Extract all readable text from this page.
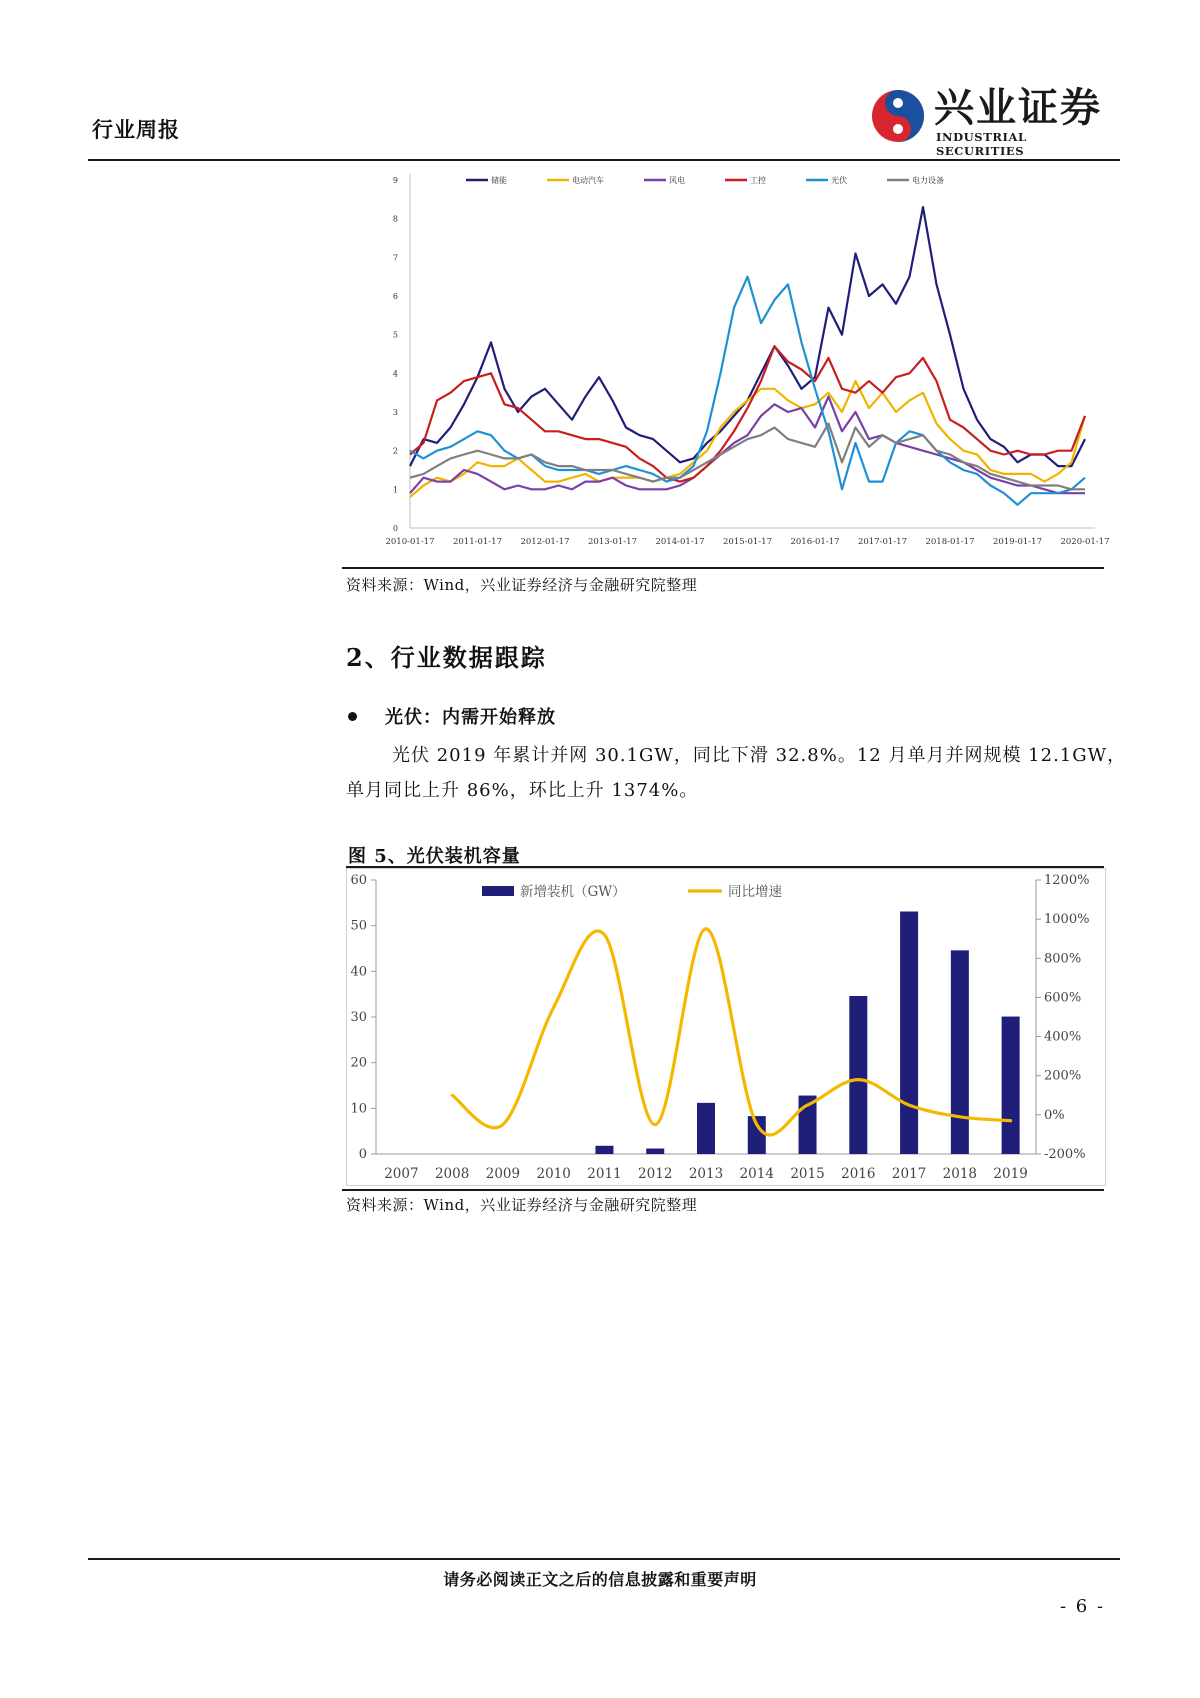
行业周报	兴业证券
INDUSTRIAL SECURITIES
0
1
2
3
4
5
6
7
8
9
2010-01-17 2011-01-17 2012-01-17 2013-01-17 2014-01-17 2015-01-17 2016-01-17 2017-01-17 2018-01-17 2019-01-17 2020-01-17
储能	电动汽车	风电	工控	光伏	电力设备
资料来源：Wind，兴业证券经济与金融研究院整理
2、行业数据跟踪
光伏：内需开始释放
光伏 2019 年累计并网 30.1GW，同比下滑 32.8%。12 月单月并网规模 12.1GW，
单月同比上升 86%，环比上升 1374%。
图 5、光伏装机容量
0
10
20
30
40
50
60
-200%
0%
200%
400%
600%
800%
1000%
1200%
2007 2008 2009 2010 2011 2012 2013 2014 2015 2016 2017 2018 2019
新增装机（GW）	同比增速
资料来源：Wind，兴业证券经济与金融研究院整理
请务必阅读正文之后的信息披露和重要声明
- 6 -
